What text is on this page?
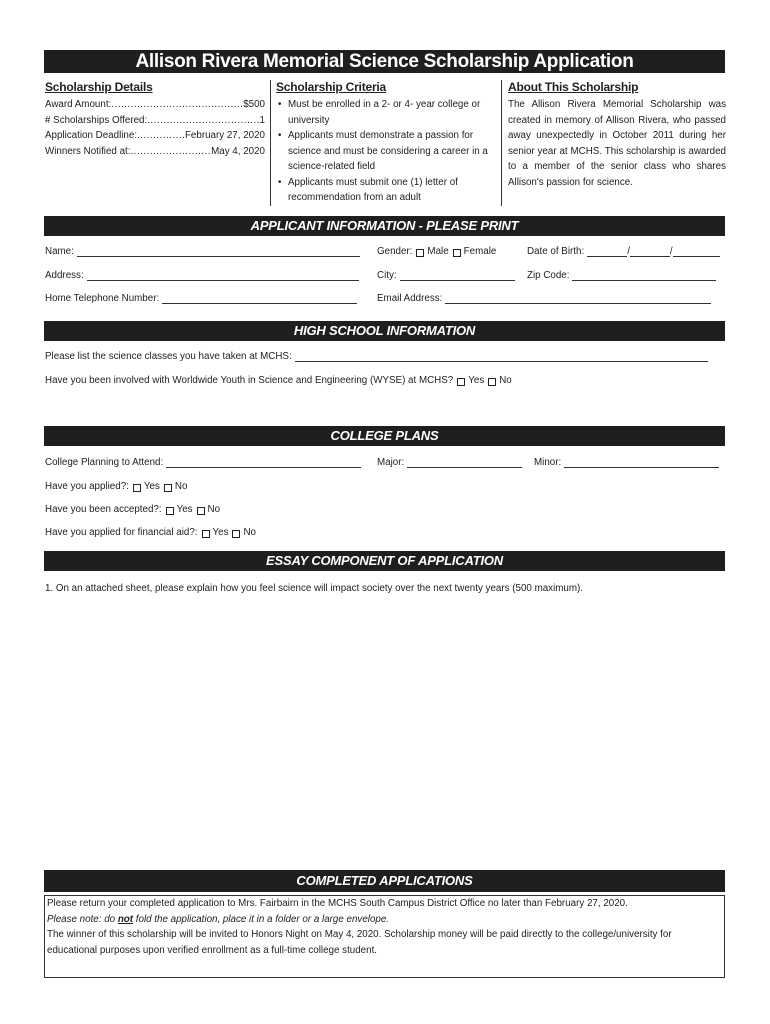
Allison Rivera Memorial Science Scholarship Application
Scholarship Details
Award Amount: .....	$500
# Scholarships Offered: .....	1
Application Deadline: .....	February 27, 2020
Winners Notified at: .....	May 4, 2020
Scholarship Criteria
• Must be enrolled in a 2- or 4- year college or university
• Applicants must demonstrate a passion for science and must be considering a career in a science-related field
• Applicants must submit one (1) letter of recommendation from an adult
About This Scholarship

The Allison Rivera Memorial Scholarship was created in memory of Allison Rivera, who passed away unexpectedly in October 2011 during her senior year at MCHS. This scholarship is awarded to a member of the senior class who shares Allison's passion for science.

APPLICANT INFORMATION - PLEASE PRINT
Name:	Gender: Male Female	Date of Birth:	/	/
Address:	City:	Zip Code:
Home Telephone Number:	Email Address:
HIGH SCHOOL INFORMATION
Please list the science classes you have taken at MCHS:
Have you been involved with Worldwide Youth in Science and Engineering (WYSE) at MCHS? Yes No
COLLEGE PLANS
College Planning to Attend:	Major:	Minor:
Have you applied?: Yes No
Have you been accepted?: Yes No
Have you applied for financial aid?: Yes No
ESSAY COMPONENT OF APPLICATION
1. On an attached sheet, please explain how you feel science will impact society over the next twenty years (500 maximum).
COMPLETED APPLICATIONS
Please return your completed application to Mrs. Fairbairn in the MCHS South Campus District Office no later than February 27, 2020.
Please note: do not fold the application, place it in a folder or a large envelope.
The winner of this scholarship will be invited to Honors Night on May 4, 2020. Scholarship money will be paid directly to the college/university for educational purposes upon verified enrollment as a full-time college student.
